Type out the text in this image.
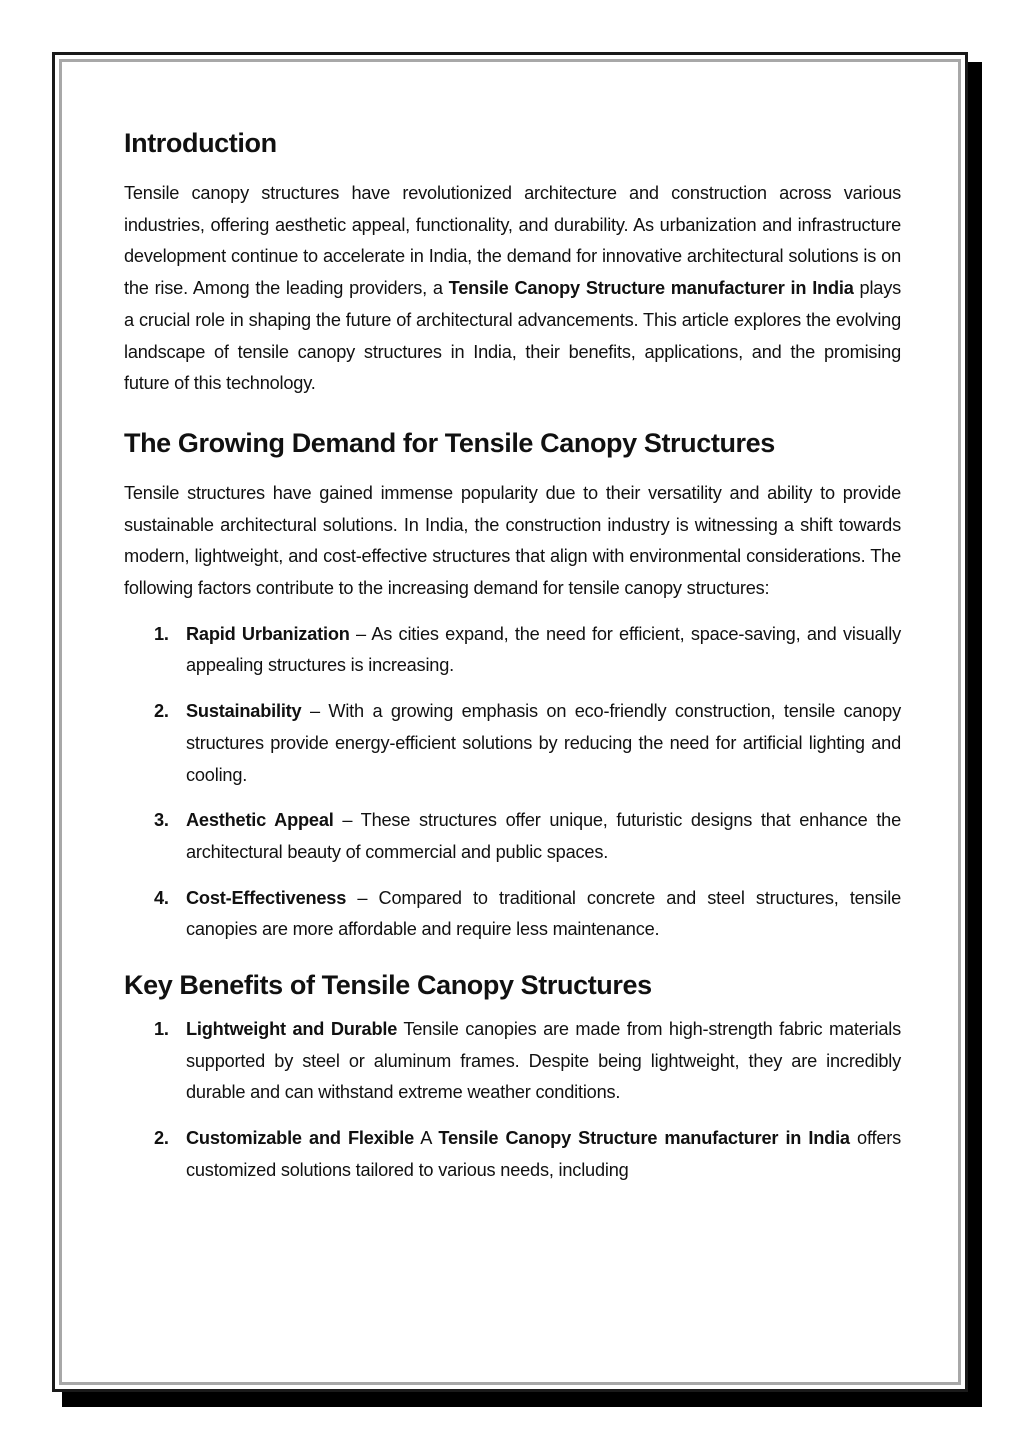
Introduction

Tensile canopy structures have revolutionized architecture and construction across various industries, offering aesthetic appeal, functionality, and durability. As urbanization and infrastructure development continue to accelerate in India, the demand for innovative architectural solutions is on the rise. Among the leading providers, a Tensile Canopy Structure manufacturer in India plays a crucial role in shaping the future of architectural advancements. This article explores the evolving landscape of tensile canopy structures in India, their benefits, applications, and the promising future of this technology.

The Growing Demand for Tensile Canopy Structures

Tensile structures have gained immense popularity due to their versatility and ability to provide sustainable architectural solutions. In India, the construction industry is witnessing a shift towards modern, lightweight, and cost-effective structures that align with environmental considerations. The following factors contribute to the increasing demand for tensile canopy structures:

1. Rapid Urbanization – As cities expand, the need for efficient, space-saving, and visually appealing structures is increasing.
2. Sustainability – With a growing emphasis on eco-friendly construction, tensile canopy structures provide energy-efficient solutions by reducing the need for artificial lighting and cooling.
3. Aesthetic Appeal – These structures offer unique, futuristic designs that enhance the architectural beauty of commercial and public spaces.
4. Cost-Effectiveness – Compared to traditional concrete and steel structures, tensile canopies are more affordable and require less maintenance.
Key Benefits of Tensile Canopy Structures
1. Lightweight and Durable Tensile canopies are made from high-strength fabric materials supported by steel or aluminum frames. Despite being lightweight, they are incredibly durable and can withstand extreme weather conditions.
2. Customizable and Flexible A Tensile Canopy Structure manufacturer in India offers customized solutions tailored to various needs, including
